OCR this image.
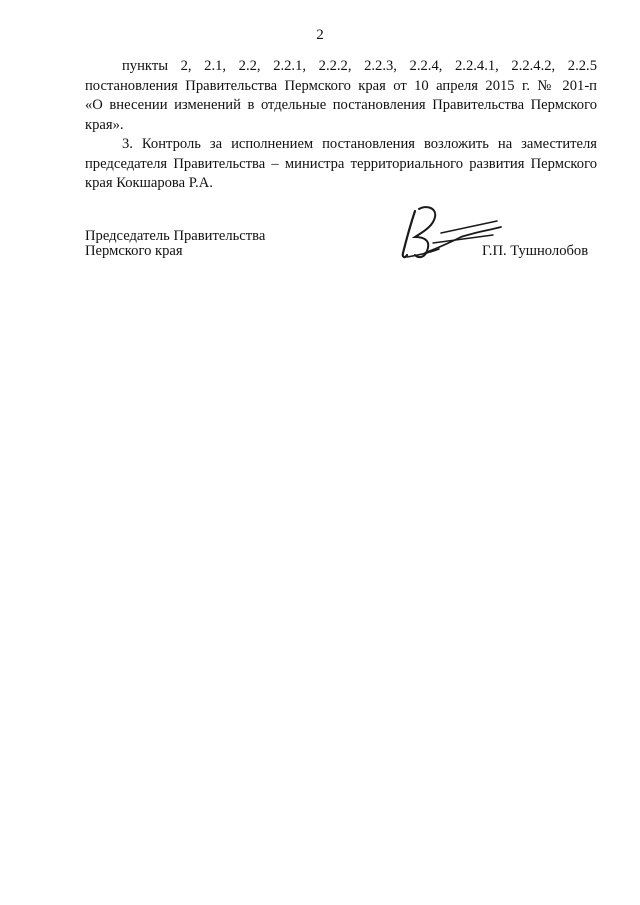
2
пункты 2, 2.1, 2.2, 2.2.1, 2.2.2, 2.2.3, 2.2.4, 2.2.4.1, 2.2.4.2, 2.2.5
постановления Правительства Пермского края от 10 апреля 2015 г. № 201-п
«О внесении изменений в отдельные постановления Правительства Пермского
края».

3. Контроль за исполнением постановления возложить на заместителя председателя Правительства – министра территориального развития Пермского края Кокшарова Р.А.

Председатель Правительства
Пермского края	Г.П. Тушнолобов
